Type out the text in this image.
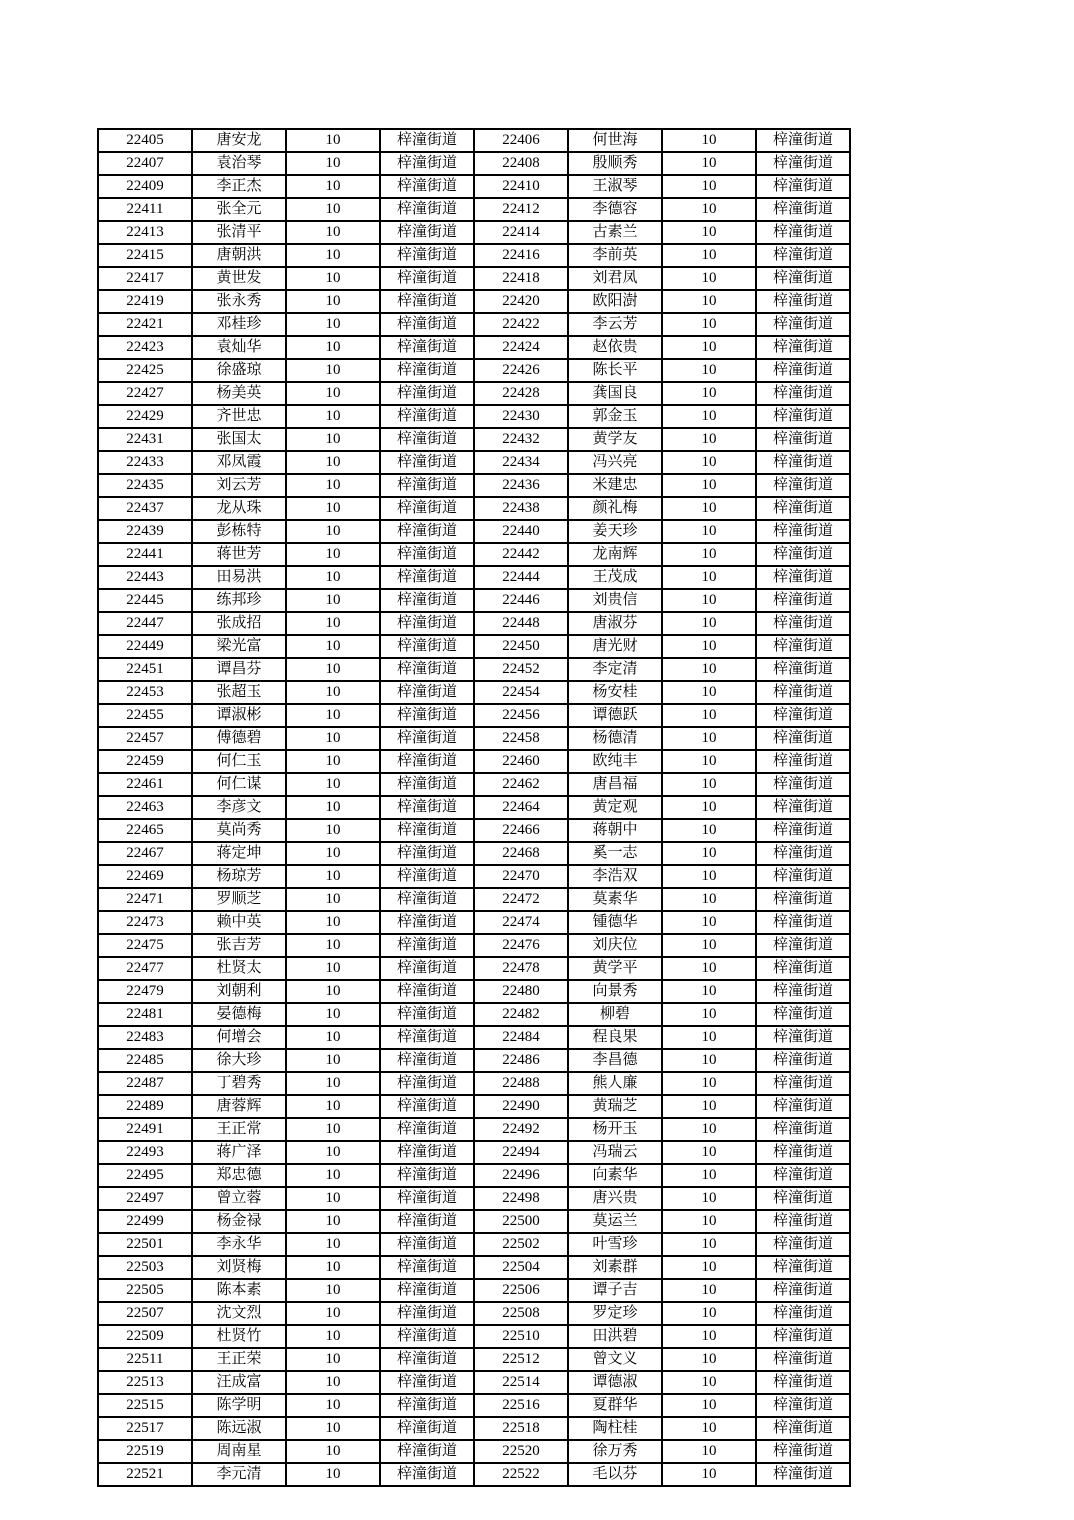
22405	唐安龙	10	梓潼街道	22406	何世海	10	梓潼街道
22407	袁治琴	10	梓潼街道	22408	殷顺秀	10	梓潼街道
22409	李正杰	10	梓潼街道	22410	王淑琴	10	梓潼街道
22411	张全元	10	梓潼街道	22412	李德容	10	梓潼街道
22413	张清平	10	梓潼街道	22414	古素兰	10	梓潼街道
22415	唐朝洪	10	梓潼街道	22416	李前英	10	梓潼街道
22417	黄世发	10	梓潼街道	22418	刘君凤	10	梓潼街道
22419	张永秀	10	梓潼街道	22420	欧阳澍	10	梓潼街道
22421	邓桂珍	10	梓潼街道	22422	李云芳	10	梓潼街道
22423	袁灿华	10	梓潼街道	22424	赵依贵	10	梓潼街道
22425	徐盛琼	10	梓潼街道	22426	陈长平	10	梓潼街道
22427	杨美英	10	梓潼街道	22428	龚国良	10	梓潼街道
22429	齐世忠	10	梓潼街道	22430	郭金玉	10	梓潼街道
22431	张国太	10	梓潼街道	22432	黄学友	10	梓潼街道
22433	邓凤霞	10	梓潼街道	22434	冯兴亮	10	梓潼街道
22435	刘云芳	10	梓潼街道	22436	米建忠	10	梓潼街道
22437	龙从珠	10	梓潼街道	22438	颜礼梅	10	梓潼街道
22439	彭栋特	10	梓潼街道	22440	姜天珍	10	梓潼街道
22441	蒋世芳	10	梓潼街道	22442	龙南辉	10	梓潼街道
22443	田易洪	10	梓潼街道	22444	王茂成	10	梓潼街道
22445	练邦珍	10	梓潼街道	22446	刘贵信	10	梓潼街道
22447	张成招	10	梓潼街道	22448	唐淑芬	10	梓潼街道
22449	梁光富	10	梓潼街道	22450	唐光财	10	梓潼街道
22451	谭昌芬	10	梓潼街道	22452	李定清	10	梓潼街道
22453	张超玉	10	梓潼街道	22454	杨安桂	10	梓潼街道
22455	谭淑彬	10	梓潼街道	22456	谭德跃	10	梓潼街道
22457	傅德碧	10	梓潼街道	22458	杨德清	10	梓潼街道
22459	何仁玉	10	梓潼街道	22460	欧纯丰	10	梓潼街道
22461	何仁谋	10	梓潼街道	22462	唐昌福	10	梓潼街道
22463	李彦文	10	梓潼街道	22464	黄定观	10	梓潼街道
22465	莫尚秀	10	梓潼街道	22466	蒋朝中	10	梓潼街道
22467	蒋定坤	10	梓潼街道	22468	奚一志	10	梓潼街道
22469	杨琼芳	10	梓潼街道	22470	李浩双	10	梓潼街道
22471	罗顺芝	10	梓潼街道	22472	莫素华	10	梓潼街道
22473	赖中英	10	梓潼街道	22474	锺德华	10	梓潼街道
22475	张吉芳	10	梓潼街道	22476	刘庆位	10	梓潼街道
22477	杜贤太	10	梓潼街道	22478	黄学平	10	梓潼街道
22479	刘朝利	10	梓潼街道	22480	向景秀	10	梓潼街道
22481	晏德梅	10	梓潼街道	22482	柳碧	10	梓潼街道
22483	何增会	10	梓潼街道	22484	程良果	10	梓潼街道
22485	徐大珍	10	梓潼街道	22486	李昌德	10	梓潼街道
22487	丁碧秀	10	梓潼街道	22488	熊人廉	10	梓潼街道
22489	唐蓉辉	10	梓潼街道	22490	黄瑞芝	10	梓潼街道
22491	王正常	10	梓潼街道	22492	杨开玉	10	梓潼街道
22493	蒋广泽	10	梓潼街道	22494	冯瑞云	10	梓潼街道
22495	郑忠德	10	梓潼街道	22496	向素华	10	梓潼街道
22497	曾立蓉	10	梓潼街道	22498	唐兴贵	10	梓潼街道
22499	杨金禄	10	梓潼街道	22500	莫运兰	10	梓潼街道
22501	李永华	10	梓潼街道	22502	叶雪珍	10	梓潼街道
22503	刘贤梅	10	梓潼街道	22504	刘素群	10	梓潼街道
22505	陈本素	10	梓潼街道	22506	谭子吉	10	梓潼街道
22507	沈文烈	10	梓潼街道	22508	罗定珍	10	梓潼街道
22509	杜贤竹	10	梓潼街道	22510	田洪碧	10	梓潼街道
22511	王正荣	10	梓潼街道	22512	曾文义	10	梓潼街道
22513	汪成富	10	梓潼街道	22514	谭德淑	10	梓潼街道
22515	陈学明	10	梓潼街道	22516	夏群华	10	梓潼街道
22517	陈远淑	10	梓潼街道	22518	陶柱桂	10	梓潼街道
22519	周南星	10	梓潼街道	22520	徐万秀	10	梓潼街道
22521	李元清	10	梓潼街道	22522	毛以芬	10	梓潼街道
